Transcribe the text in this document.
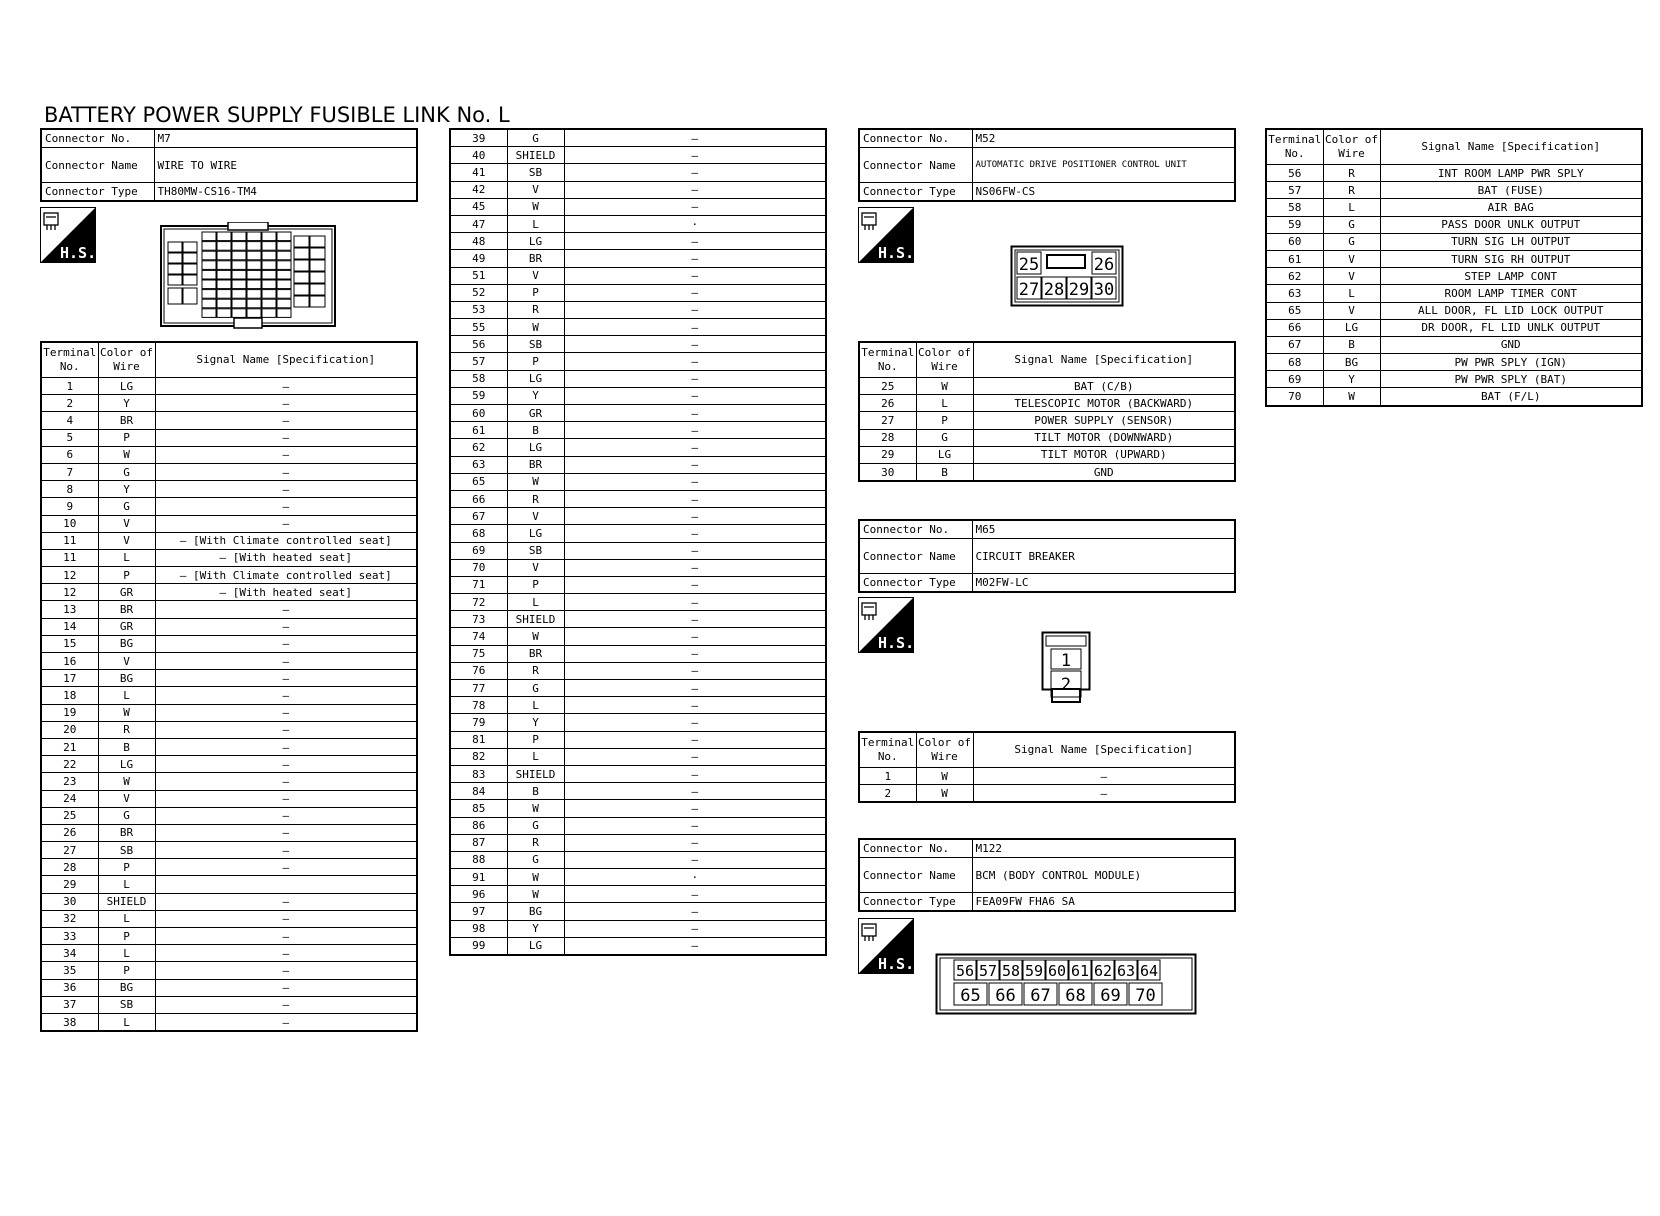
BATTERY POWER SUPPLY FUSIBLE LINK No. L
Connector No.	M7
Connector Name	WIRE TO WIRE
Connector Type	TH80MW-CS16-TM4
H.S.
Terminal No.	Color of Wire	Signal Name [Specification]
1	LG	–
2	Y	–
4	BR	–
5	P	–
6	W	–
7	G	–
8	Y	–
9	G	–
10	V	–
11	V	– [With Climate controlled seat]
11	L	– [With heated seat]
12	P	– [With Climate controlled seat]
12	GR	– [With heated seat]
13	BR	–
14	GR	–
15	BG	–
16	V	–
17	BG	–
18	L	–
19	W	–
20	R	–
21	B	–
22	LG	–
23	W	–
24	V	–
25	G	–
26	BR	–
27	SB	–
28	P	–
29	L	
30	SHIELD	–
32	L	–
33	P	–
34	L	–
35	P	–
36	BG	–
37	SB	–
38	L	–
39	G	–
40	SHIELD	–
41	SB	–
42	V	–
45	W	–
47	L	·
48	LG	–
49	BR	–
51	V	–
52	P	–
53	R	–
55	W	–
56	SB	–
57	P	–
58	LG	–
59	Y	–
60	GR	–
61	B	–
62	LG	–
63	BR	–
65	W	–
66	R	–
67	V	–
68	LG	–
69	SB	–
70	V	–
71	P	–
72	L	–
73	SHIELD	–
74	W	–
75	BR	–
76	R	–
77	G	–
78	L	–
79	Y	–
81	P	–
82	L	–
83	SHIELD	–
84	B	–
85	W	–
86	G	–
87	R	–
88	G	–
91	W	·
96	W	–
97	BG	–
98	Y	–
99	LG	–
Connector No.	M52
Connector Name	AUTOMATIC DRIVE POSITIONER CONTROL UNIT
Connector Type	NS06FW-CS
H.S.
25	26
27 28 29 30
Terminal No.	Color of Wire	Signal Name [Specification]
25	W	BAT (C/B)
26	L	TELESCOPIC MOTOR (BACKWARD)
27	P	POWER SUPPLY (SENSOR)
28	G	TILT MOTOR (DOWNWARD)
29	LG	TILT MOTOR (UPWARD)
30	B	GND
Connector No.	M65
Connector Name	CIRCUIT BREAKER
Connector Type	M02FW-LC
H.S.
1
2
Terminal No.	Color of Wire	Signal Name [Specification]
1	W	–
2	W	–
Connector No.	M122
Connector Name	BCM (BODY CONTROL MODULE)
Connector Type	FEA09FW FHA6 SA
H.S.	56 57 58 59 60 61 62 63 64
65 66 67 68 69 70
Terminal No.	Color of Wire	Signal Name [Specification]
56	R	INT ROOM LAMP PWR SPLY
57	R	BAT (FUSE)
58	L	AIR BAG
59	G	PASS DOOR UNLK OUTPUT
60	G	TURN SIG LH OUTPUT
61	V	TURN SIG RH OUTPUT
62	V	STEP LAMP CONT
63	L	ROOM LAMP TIMER CONT
65	V	ALL DOOR, FL LID LOCK OUTPUT
66	LG	DR DOOR, FL LID UNLK OUTPUT
67	B	GND
68	BG	PW PWR SPLY (IGN)
69	Y	PW PWR SPLY (BAT)
70	W	BAT (F/L)
